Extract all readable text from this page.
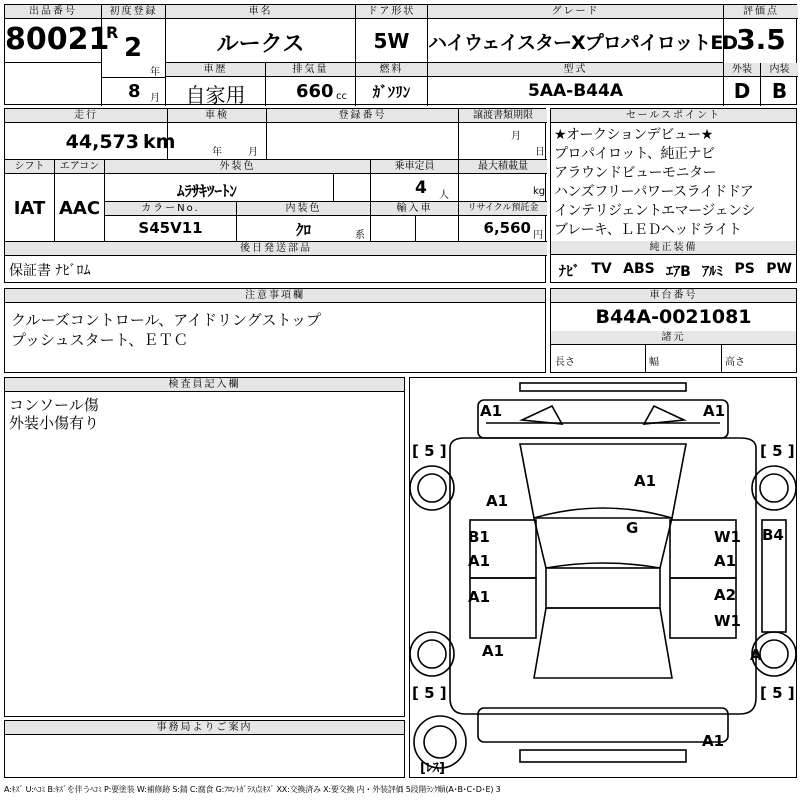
出品番号
80021
初度登録
R
2
年
8 月
車名
ルークス
ドア形状
5W
グレード
ハイウェイスターXプロパイロットED
評価点
3.5
車歴
自家用
排気量
660 cc
燃料
ｶﾞｿﾘﾝ
型式
5AA-B44A
外装
D
内装
B
走行
44,573 km
車検
年	月
登録番号	譲渡書類期限
月
日
シフト
IAT
エアコン
AAC
外装色
ﾑﾗｻｷﾂｰﾄﾝ
乗車定員
4 人
最大積載量
kg
カラーNo.
S45V11
内装色
ｸﾛ	系
輸入車	リサイクル預託金
6,560 円
後日発送部品
保証書 ﾅﾋﾞﾛﾑ
セールスポイント
★オークションデビュー★
プロパイロット、純正ナビ
アラウンドビューモニター
ハンズフリーパワースライドドア
インテリジェントエマージェンシ
ブレーキ、ＬＥＤヘッドライト
純正装備
ﾅﾋﾞ TV ABS ｴｱB ｱﾙﾐ PS PW
注意事項欄
クルーズコントロール、アイドリングストップ
プッシュスタート、ＥＴＣ
車台番号
B44A-0021081
諸元
長さ	幅	高さ
検査員記入欄
コンソール傷
外装小傷有り
事務局よりご案内
A1	A1
[ 5 ]	[ 5 ]
A1
A1
G
B1
A1
W1
A1
B4
A1	A2
W1
A1	A
[ 5 ]	[ 5 ]
A1
[ﾚｽ]
A:ｷｽﾞ U:ﾍｺﾐ B:ｷｽﾞを伴うﾍｺﾐ P:要塗装 W:補修跡 S:錆 C:腐食 G:ﾌﾛﾝﾄｶﾞﾗｽ点ｷｽﾞ XX:交換済み X:要交換 内・外装評価 5段階ﾗﾝｸ順(A･B･C･D･E) 3
